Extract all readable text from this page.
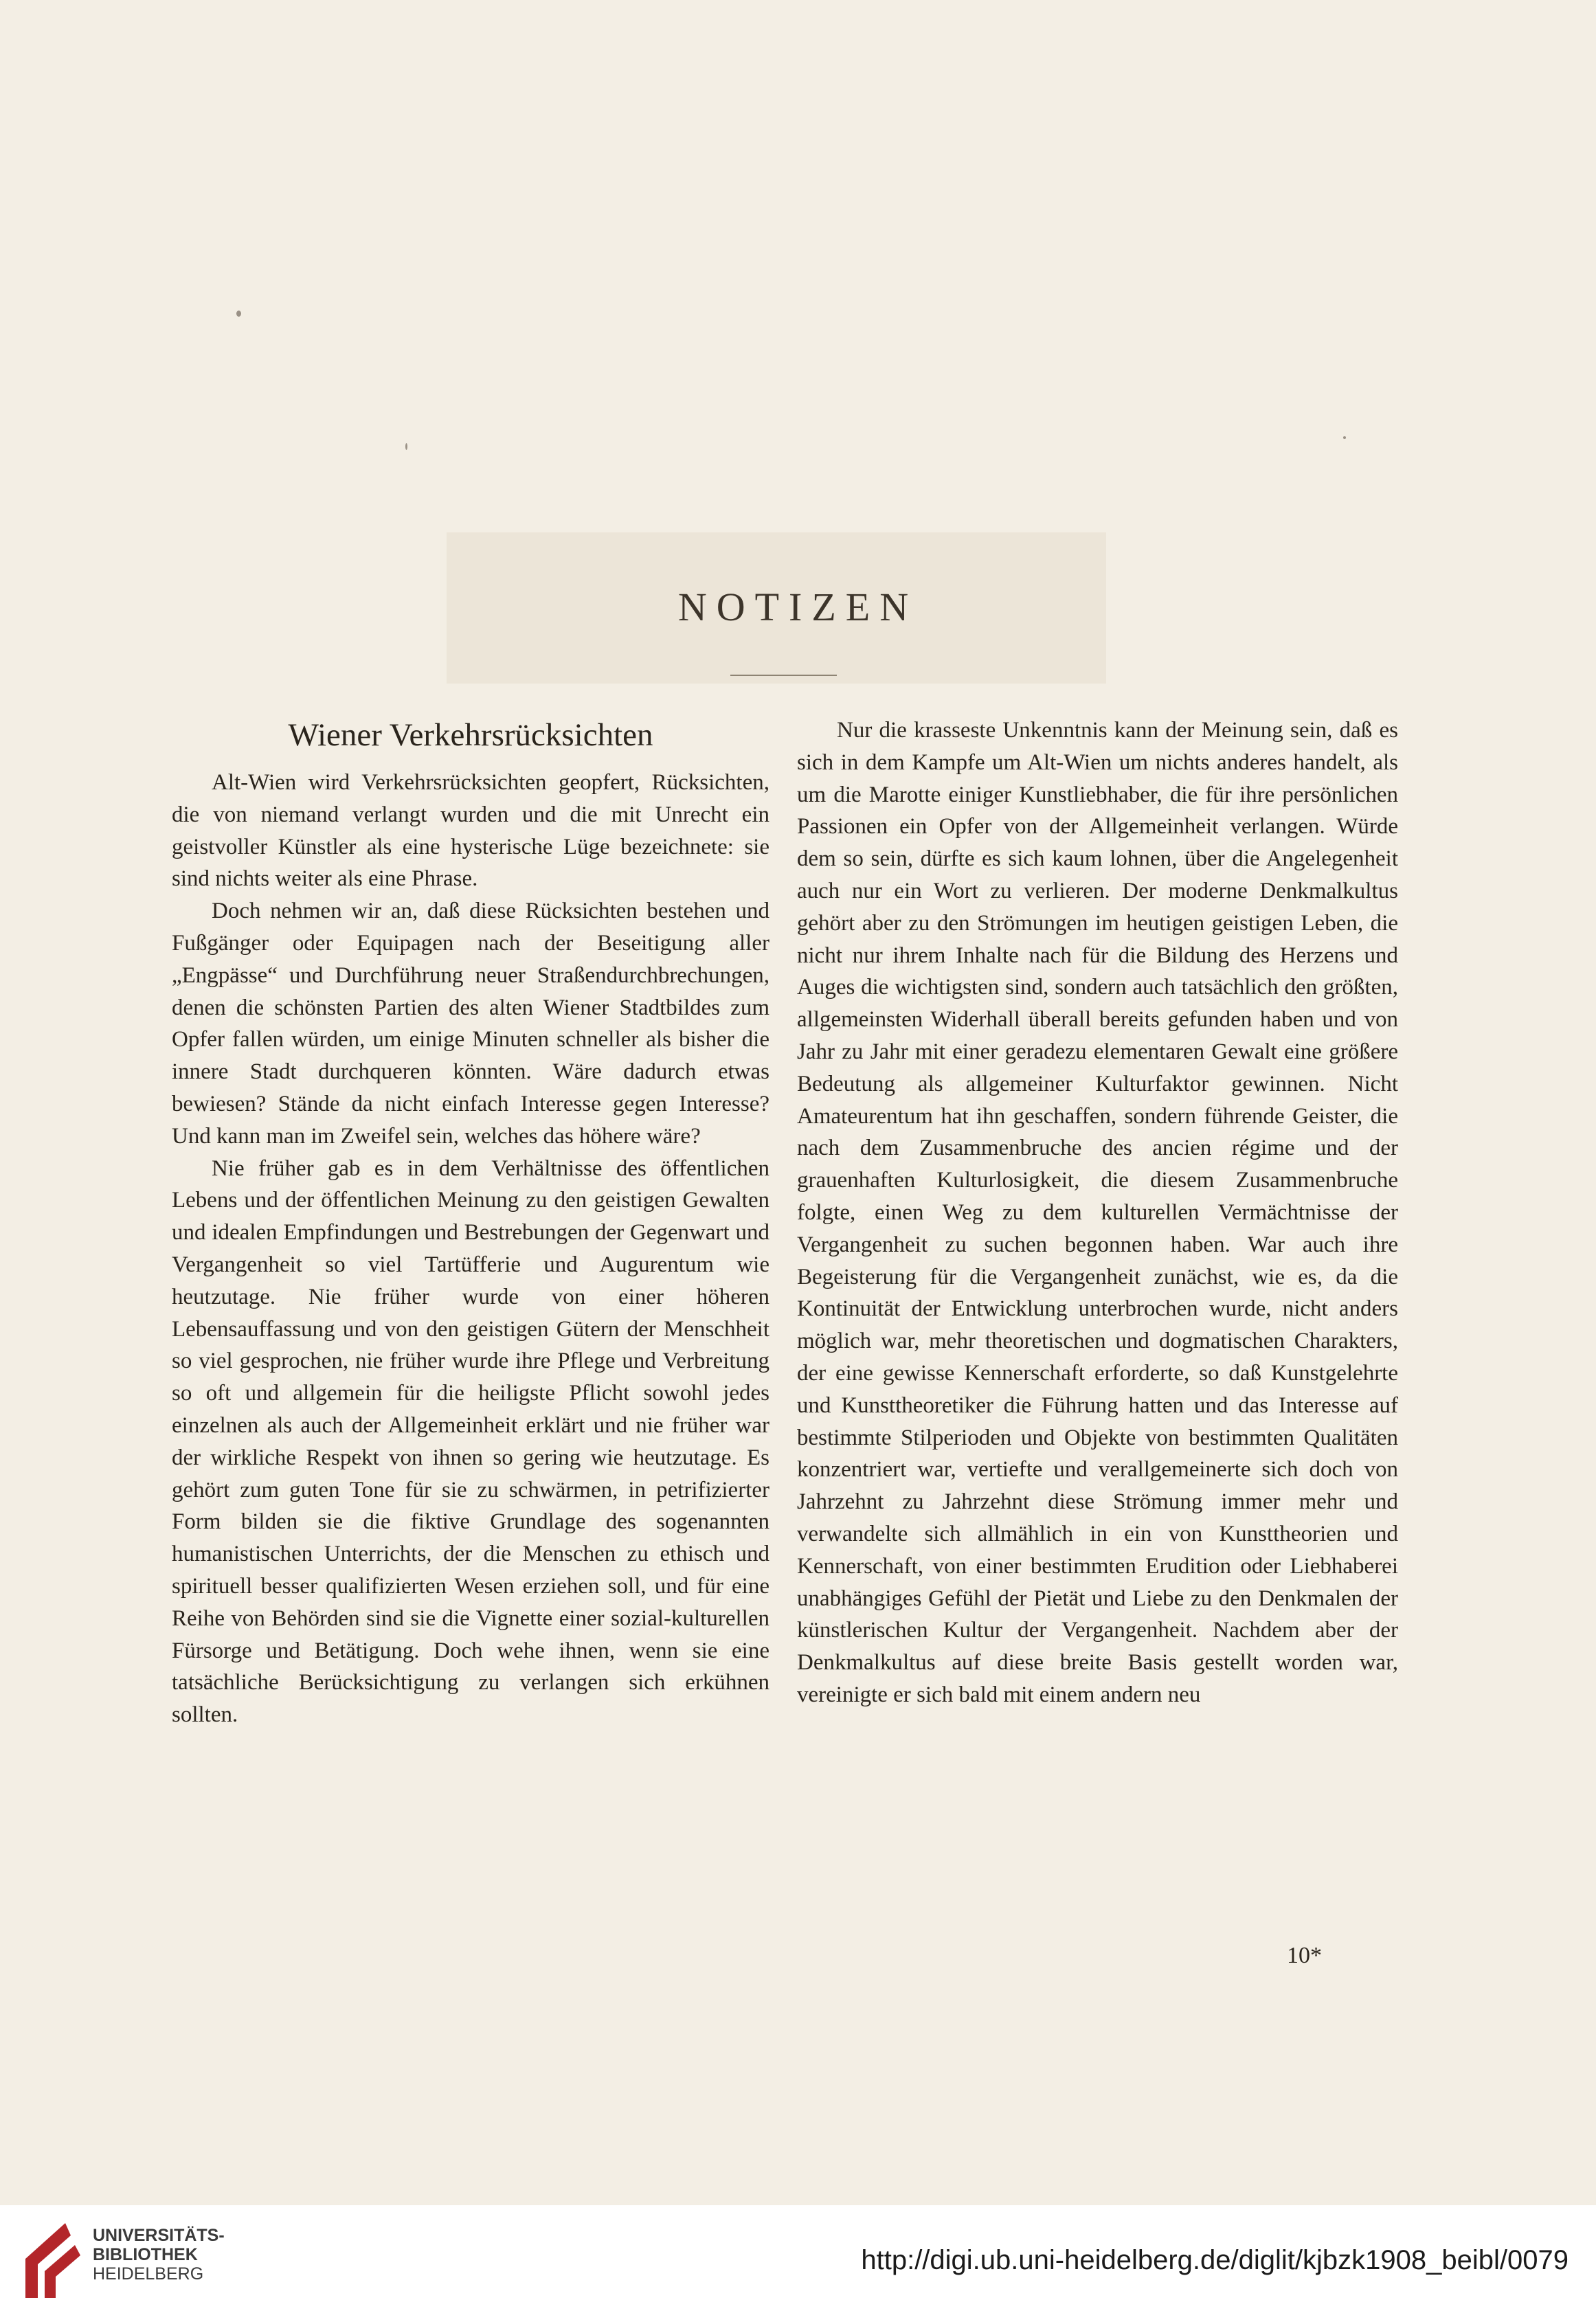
NOTIZEN
Wiener Verkehrsrücksichten

Alt-Wien wird Verkehrsrücksichten geopfert, Rücksichten, die von niemand verlangt wurden und die mit Unrecht ein geistvoller Künstler als eine hysterische Lüge bezeichnete: sie sind nichts weiter als eine Phrase.

Doch nehmen wir an, daß diese Rücksichten bestehen und Fußgänger oder Equipagen nach der Beseitigung aller „Engpässe“ und Durchführung neuer Straßendurchbrechungen, denen die schönsten Partien des alten Wiener Stadtbildes zum Opfer fallen würden, um einige Minuten schneller als bisher die innere Stadt durchqueren könnten. Wäre dadurch etwas bewiesen? Stände da nicht einfach Interesse gegen Interesse? Und kann man im Zweifel sein, welches das höhere wäre?

Nie früher gab es in dem Verhältnisse des öffentlichen Lebens und der öffentlichen Meinung zu den geistigen Gewalten und idealen Empfindungen und Bestrebungen der Gegenwart und Vergangenheit so viel Tartüfferie und Augurentum wie heutzutage. Nie früher wurde von einer höheren Lebensauffassung und von den geistigen Gütern der Menschheit so viel gesprochen, nie früher wurde ihre Pflege und Verbreitung so oft und allgemein für die heiligste Pflicht sowohl jedes einzelnen als auch der Allgemeinheit erklärt und nie früher war der wirkliche Respekt von ihnen so gering wie heutzutage. Es gehört zum guten Tone für sie zu schwärmen, in petrifizierter Form bilden sie die fiktive Grundlage des sogenannten humanistischen Unterrichts, der die Menschen zu ethisch und spirituell besser qualifizierten Wesen erziehen soll, und für eine Reihe von Behörden sind sie die Vignette einer sozial-kulturellen Fürsorge und Betätigung. Doch wehe ihnen, wenn sie eine tatsächliche Berücksichtigung zu verlangen sich erkühnen sollten.

Nur die krasseste Unkenntnis kann der Meinung sein, daß es sich in dem Kampfe um Alt-Wien um nichts anderes handelt, als um die Marotte einiger Kunstliebhaber, die für ihre persönlichen Passionen ein Opfer von der Allgemeinheit verlangen. Würde dem so sein, dürfte es sich kaum lohnen, über die Angelegenheit auch nur ein Wort zu verlieren. Der moderne Denkmalkultus gehört aber zu den Strömungen im heutigen geistigen Leben, die nicht nur ihrem Inhalte nach für die Bildung des Herzens und Auges die wichtigsten sind, sondern auch tatsächlich den größten, allgemeinsten Widerhall überall bereits gefunden haben und von Jahr zu Jahr mit einer geradezu elementaren Gewalt eine größere Bedeutung als allgemeiner Kulturfaktor gewinnen. Nicht Amateurentum hat ihn geschaffen, sondern führende Geister, die nach dem Zusammenbruche des ancien régime und der grauenhaften Kulturlosigkeit, die diesem Zusammenbruche folgte, einen Weg zu dem kulturellen Vermächtnisse der Vergangenheit zu suchen begonnen haben. War auch ihre Begeisterung für die Vergangenheit zunächst, wie es, da die Kontinuität der Entwicklung unterbrochen wurde, nicht anders möglich war, mehr theoretischen und dogmatischen Charakters, der eine gewisse Kennerschaft erforderte, so daß Kunstgelehrte und Kunsttheoretiker die Führung hatten und das Interesse auf bestimmte Stilperioden und Objekte von bestimmten Qualitäten konzentriert war, vertiefte und verallgemeinerte sich doch von Jahrzehnt zu Jahrzehnt diese Strömung immer mehr und verwandelte sich allmählich in ein von Kunsttheorien und Kennerschaft, von einer bestimmten Erudition oder Liebhaberei unabhängiges Gefühl der Pietät und Liebe zu den Denkmalen der künstlerischen Kultur der Vergangenheit. Nachdem aber der Denkmalkultus auf diese breite Basis gestellt worden war, vereinigte er sich bald mit einem andern neu

10*
UNIVERSITÄTS-
BIBLIOTHEK
HEIDELBERG	http://digi.ub.uni-heidelberg.de/diglit/kjbzk1908_beibl/0079
